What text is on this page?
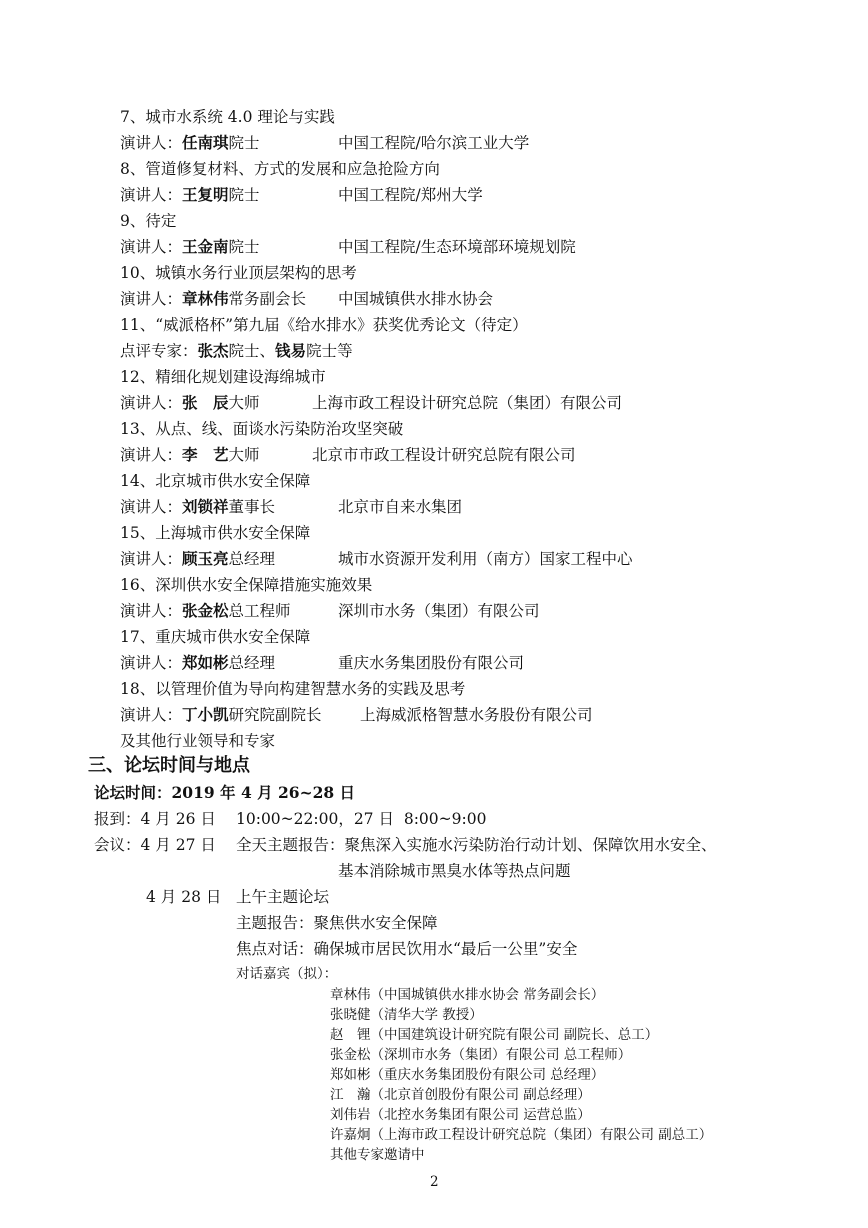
7、城市水系统 4.0 理论与实践
演讲人：任南琪院士	中国工程院/哈尔滨工业大学
8、管道修复材料、方式的发展和应急抢险方向
演讲人：王复明院士	中国工程院/郑州大学
9、待定
演讲人：王金南院士	中国工程院/生态环境部环境规划院
10、城镇水务行业顶层架构的思考
演讲人：章林伟常务副会长 中国城镇供水排水协会
11、“威派格杯”第九届《给水排水》获奖优秀论文（待定）
点评专家：张杰院士、钱易院士等
12、精细化规划建设海绵城市
演讲人：张　辰大师	上海市政工程设计研究总院（集团）有限公司
13、从点、线、面谈水污染防治攻坚突破
演讲人：李　艺大师	北京市市政工程设计研究总院有限公司
14、北京城市供水安全保障
演讲人：刘锁祥董事长	北京市自来水集团
15、上海城市供水安全保障
演讲人：顾玉亮总经理	城市水资源开发利用（南方）国家工程中心
16、深圳供水安全保障措施实施效果
演讲人：张金松总工程师	深圳市水务（集团）有限公司
17、重庆城市供水安全保障
演讲人：郑如彬总经理	重庆水务集团股份有限公司
18、以管理价值为导向构建智慧水务的实践及思考
演讲人：丁小凯研究院副院长 上海威派格智慧水务股份有限公司
及其他行业领导和专家
三、论坛时间与地点
论坛时间：2019 年 4 月 26~28 日
报到：4 月 26 日 10:00~22:00，27 日  8:00~9:00
会议：4 月 27 日 全天主题报告：聚焦深入实施水污染防治行动计划、保障饮用水安全、
基本消除城市黑臭水体等热点问题
4 月 28 日 上午主题论坛
主题报告：聚焦供水安全保障
焦点对话：确保城市居民饮用水“最后一公里”安全
对话嘉宾（拟）：
章林伟（中国城镇供水排水协会 常务副会长）
张晓健（清华大学 教授）
赵　锂（中国建筑设计研究院有限公司 副院长、总工）
张金松（深圳市水务（集团）有限公司 总工程师）
郑如彬（重庆水务集团股份有限公司 总经理）
江　瀚（北京首创股份有限公司 副总经理）
刘伟岩（北控水务集团有限公司 运营总监）
许嘉炯（上海市政工程设计研究总院（集团）有限公司 副总工）
其他专家邀请中
2
